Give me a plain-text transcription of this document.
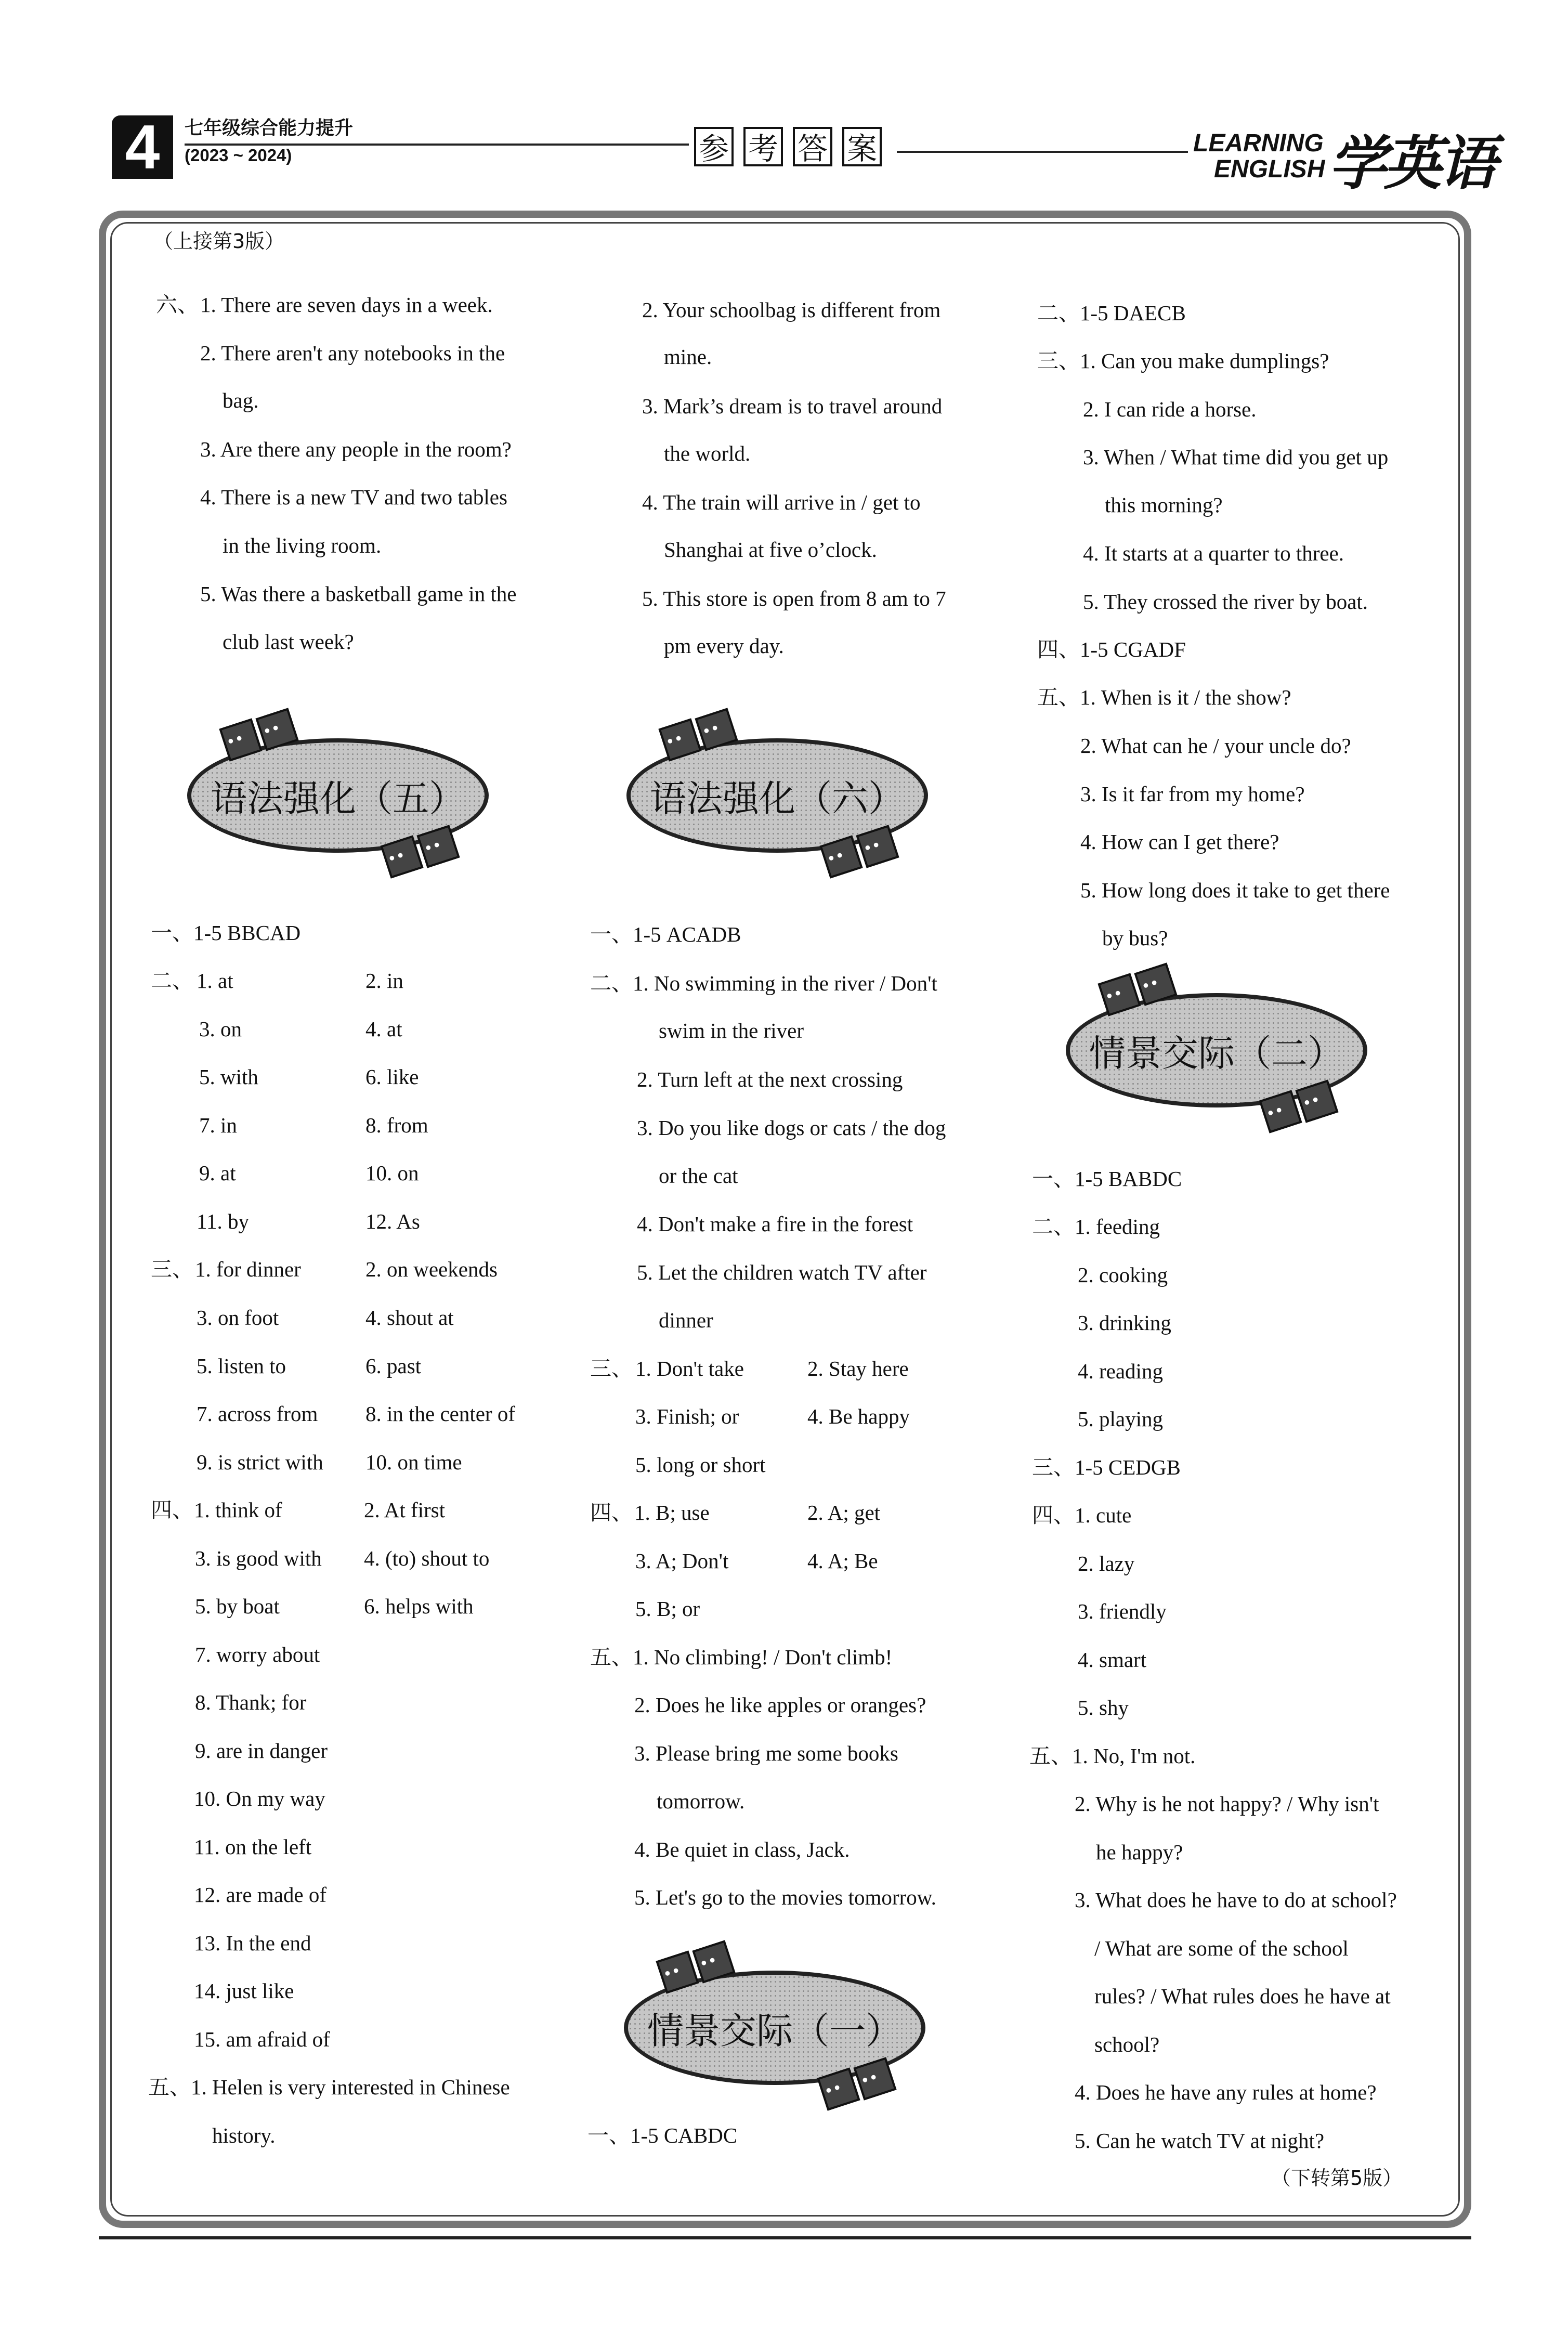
4	七年级综合能力提升
(2023 ~ 2024)	参 考 答 案	LEARNING
ENGLISH 学英语
（上接第3版）
（下转第5版）
六、 1. There are seven days in a week.
2. There aren't any notebooks in the
bag.
3. Are there any people in the room?
4. There is a new TV and two tables
in the living room.
5. Was there a basketball game in the
club last week?
2. Your schoolbag is different from
mine.
3. Mark’s dream is to travel around
the world.
4. The train will arrive in / get to
Shanghai at five o’clock.
5. This store is open from 8 am to 7
pm every day.
二、1-5 DAECB
三、1. Can you make dumplings?
2. I can ride a horse.
3. When / What time did you get up
this morning?
4. It starts at a quarter to three.
5. They crossed the river by boat.
四、1-5 CGADF
五、1. When is it / the show?
2. What can he / your uncle do?
3. Is it far from my home?
4. How can I get there?
5. How long does it take to get there
by bus?
● ●
● ●
● ●
● ●
语法强化（五）
● ●
● ●
● ●
● ●	语法强化（六）
● ●
● ●
● ●
● ●
情景交际（二）
● ●
● ●
● ●
● ●
情景交际（一）
一、1-5 BBCAD
二、 1. at	2. in
3. on	4. at
5. with	6. like
7. in	8. from
9. at	10. on
11. by	12. As
三、 1. for dinner	2. on weekends
3. on foot	4. shout at
5. listen to	6. past
7. across from 8. in the center of
9. is strict with 10. on time
四、 1. think of	2. At first
3. is good with 4. (to) shout to
5. by boat	6. helps with
7. worry about
8. Thank; for
9. are in danger
10. On my way
11. on the left
12. are made of
13. In the end
14. just like
15. am afraid of
五、1. Helen is very interested in Chinese
history.
一、1-5 ACADB
二、1. No swimming in the river / Don't
swim in the river
2. Turn left at the next crossing
3. Do you like dogs or cats / the dog
or the cat
4. Don't make a fire in the forest
5. Let the children watch TV after
dinner
三、 1. Don't take	2. Stay here
3. Finish; or	4. Be happy
5. long or short
四、 1. B; use	2. A; get
3. A; Don't	4. A; Be
5. B; or
五、1. No climbing! / Don't climb!
2. Does he like apples or oranges?
3. Please bring me some books
tomorrow.
4. Be quiet in class, Jack.
5. Let's go to the movies tomorrow.
一、1-5 CABDC
一、1-5 BABDC
二、1. feeding
2. cooking
3. drinking
4. reading
5. playing
三、1-5 CEDGB
四、1. cute
2. lazy
3. friendly
4. smart
5. shy
五、1. No, I'm not.
2. Why is he not happy? / Why isn't
he happy?
3. What does he have to do at school?
/ What are some of the school
rules? / What rules does he have at
school?
4. Does he have any rules at home?
5. Can he watch TV at night?
